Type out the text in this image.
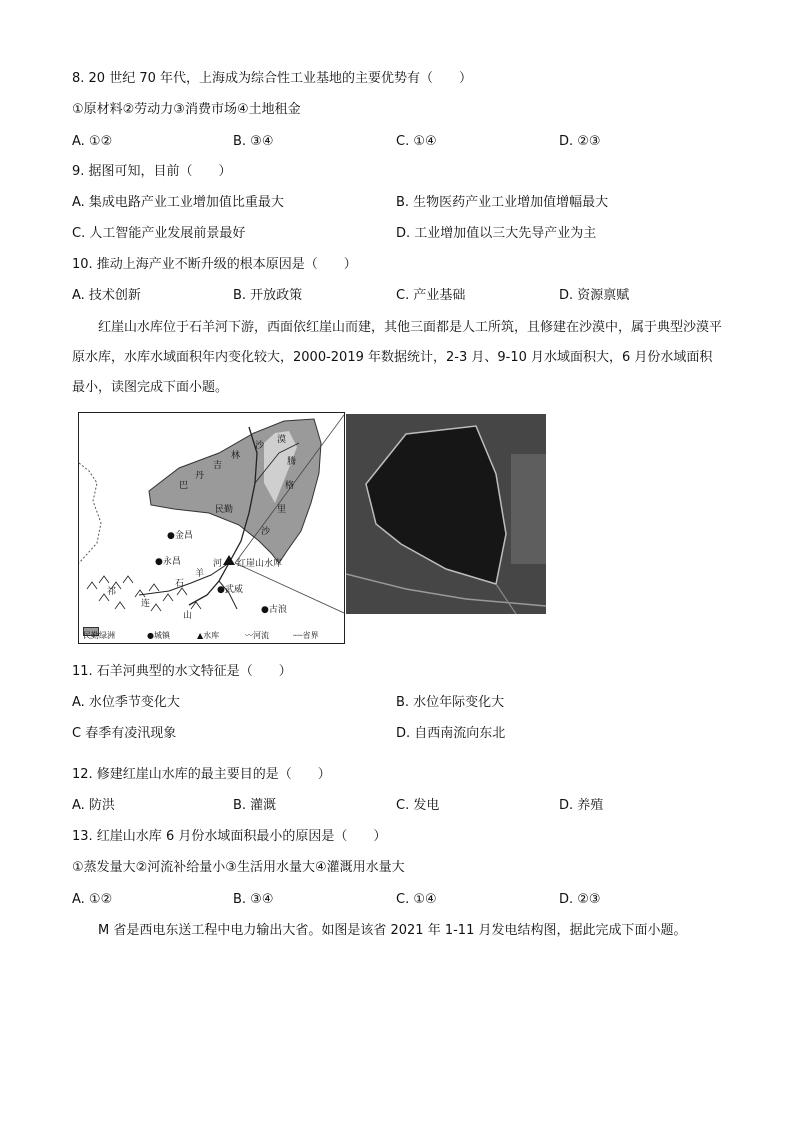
8. 20 世纪 70 年代，上海成为综合性工业基地的主要优势有（　　）
①原材料②劳动力③消费市场④土地租金
A. ①②	B. ③④	C. ①④	D. ②③
9. 据图可知，目前（　　）
A. 集成电路产业工业增加值比重最大	B. 生物医药产业工业增加值增幅最大
C. 人工智能产业发展前景最好	D. 工业增加值以三大先导产业为主
10. 推动上海产业不断升级的根本原因是（　　）
A. 技术创新	B. 开放政策	C. 产业基础	D. 资源禀赋
红崖山水库位于石羊河下游，西面依红崖山而建，其他三面都是人工所筑，且修建在沙漠中，属于典型沙漠平原水库，水库水域面积年内变化较大，2000-2019 年数据统计，2-3 月、9-10 月水域面积大，6 月份水域面积最小，读图完成下面小题。
巴
丹
吉
林
沙
漠
腾
格
里
沙
民勤
●金昌
●永昌	红崖山水库
石
羊
河
●武威
●古浪
祁
连
山
民勤绿洲	●城镇	▲水库	〰河流	┄┄省界
11. 石羊河典型的水文特征是（　　）
A. 水位季节变化大	B. 水位年际变化大
C 春季有凌汛现象	D. 自西南流向东北
12. 修建红崖山水库的最主要目的是（　　）
A. 防洪	B. 灌溉	C. 发电	D. 养殖
13. 红崖山水库 6 月份水域面积最小的原因是（　　）
①蒸发量大②河流补给量小③生活用水量大④灌溉用水量大
A. ①②	B. ③④	C. ①④	D. ②③
M 省是西电东送工程中电力输出大省。如图是该省 2021 年 1-11 月发电结构图，据此完成下面小题。
